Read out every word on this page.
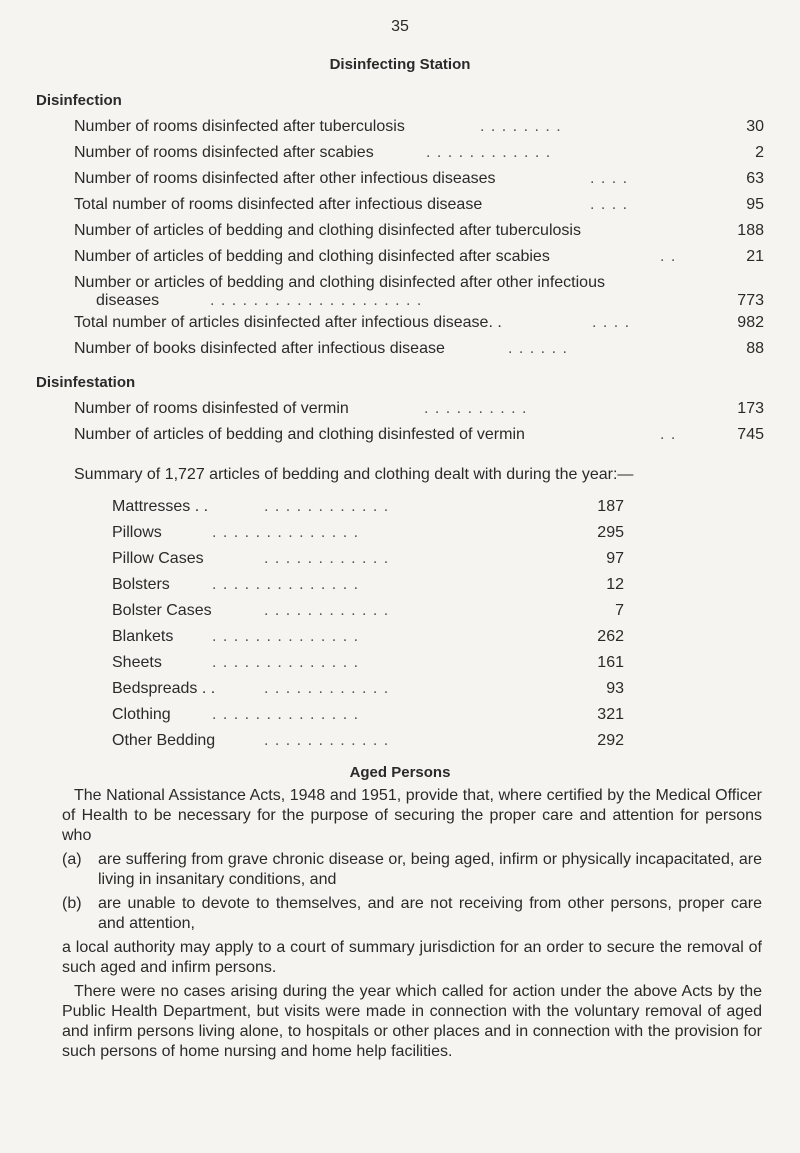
35
Disinfecting Station
Disinfection
Number of rooms disinfected after tuberculosis	. . . . . . . .	30
Number of rooms disinfected after scabies	. . . . . . . . . . . .	2
Number of rooms disinfected after other infectious diseases	. . . .	63
Total number of rooms disinfected after infectious disease	. . . .	95
Number of articles of bedding and clothing disinfected after tuberculosis	188
Number of articles of bedding and clothing disinfected after scabies	. .	21
Number or articles of bedding and clothing disinfected after other infectious
diseases	. . . . . . . . . . . . . . . . . . . .	773
Total number of articles disinfected after infectious disease. .	. . . .	982
Number of books disinfected after infectious disease	. . . . . .	88
Disinfestation
Number of rooms disinfested of vermin	. . . . . . . . . .	173
Number of articles of bedding and clothing disinfested of vermin	. .	745
Summary of 1,727 articles of bedding and clothing dealt with during the year:—
Mattresses . .	. . . . . . . . . . . .	187
Pillows	. . . . . . . . . . . . . .	295
Pillow Cases	. . . . . . . . . . . .	97
Bolsters	. . . . . . . . . . . . . .	12
Bolster Cases	. . . . . . . . . . . .	7
Blankets . . . . . . . . . . . . . .	262
Sheets	. . . . . . . . . . . . . .	161
Bedspreads . .	. . . . . . . . . . . .	93
Clothing	. . . . . . . . . . . . . .	321
Other Bedding	. . . . . . . . . . . .	292
Aged Persons

The National Assistance Acts, 1948 and 1951, provide that, where certified by the Medical Officer of Health to be necessary for the purpose of securing the proper care and attention for persons who

(a)	are suffering from grave chronic disease or, being aged, infirm or physically incapacitated, are living in insanitary conditions, and
(b)	are unable to devote to themselves, and are not receiving from other persons, proper care and attention,

a local authority may apply to a court of summary jurisdiction for an order to secure the removal of such aged and infirm persons.

There were no cases arising during the year which called for action under the above Acts by the Public Health Department, but visits were made in connection with the voluntary removal of aged and infirm persons living alone, to hospitals or other places and in connection with the provision for such persons of home nursing and home help facilities.
